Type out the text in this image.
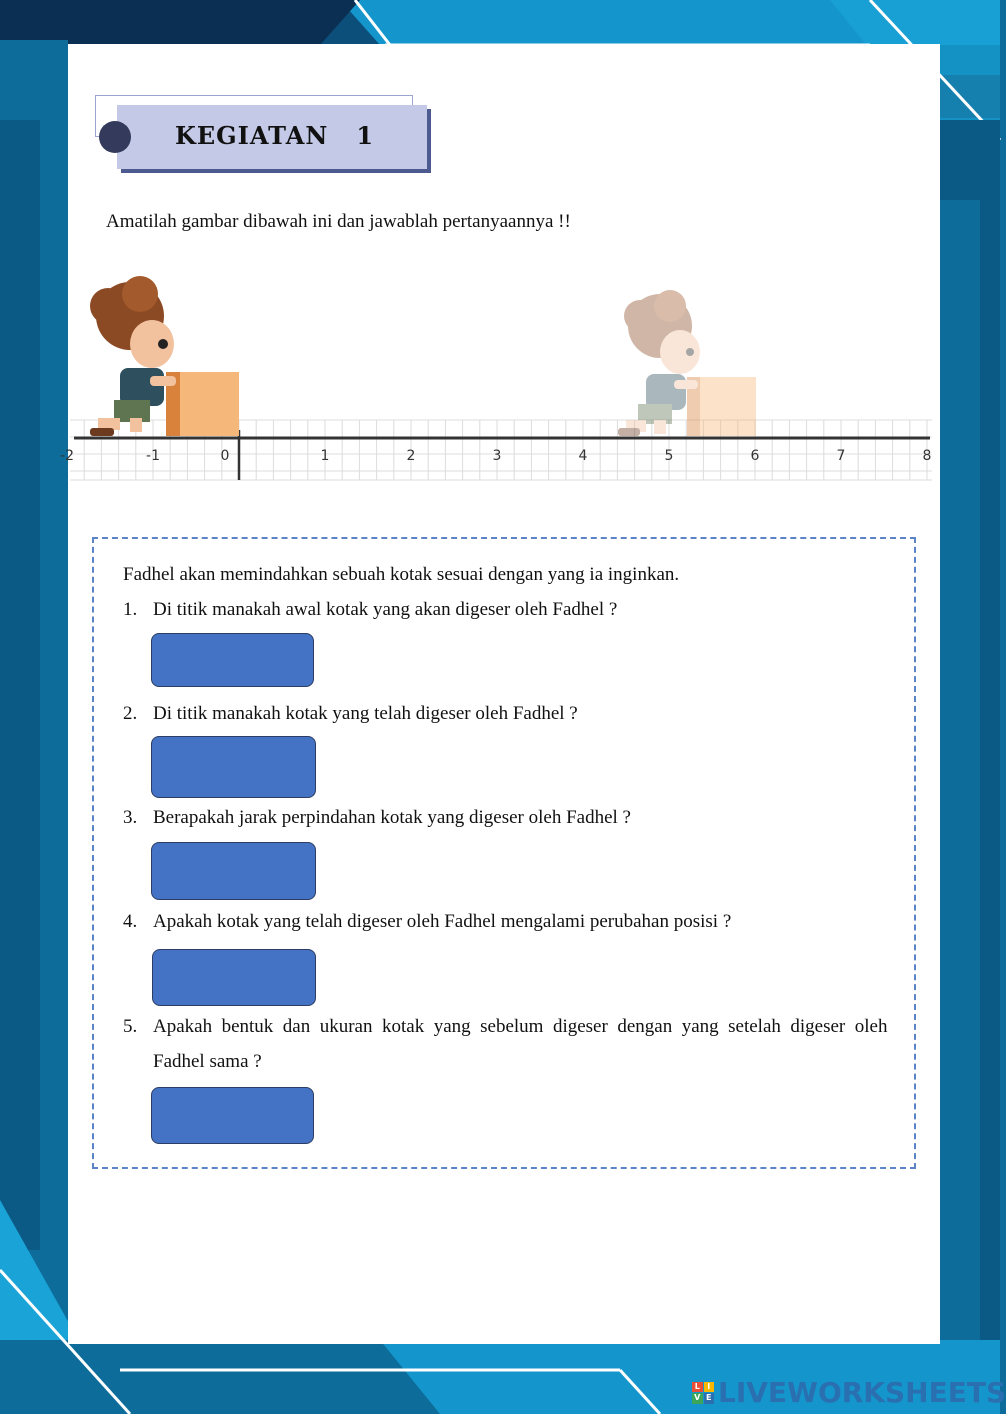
KEGIATAN   1
Amatilah gambar dibawah ini dan jawablah pertanyaannya !!
-2	-1	0	1	2	3	4	5	6	7	8
Fadhel akan memindahkan sebuah kotak sesuai dengan yang ia inginkan.
1. Di titik manakah awal kotak yang akan digeser oleh Fadhel ?
2. Di titik manakah kotak yang telah digeser oleh Fadhel ?
3. Berapakah jarak perpindahan kotak yang digeser oleh Fadhel ?
4. Apakah kotak yang telah digeser oleh Fadhel mengalami perubahan posisi ?
5. Apakah  bentuk  dan  ukuran  kotak  yang  sebelum  digeser  dengan  yang  setelah  digeser  oleh
Fadhel sama ?
L I
V E LIVEWORKSHEETS
